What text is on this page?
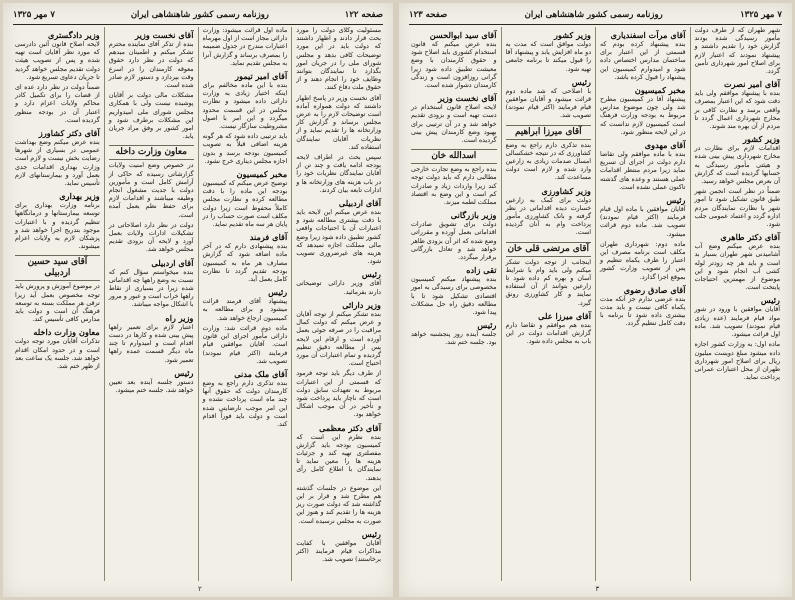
صفحه ۱۲۲
روزنامه رسمی کشور شاهنشاهی ایران
۷ مهر ۱۳۲۵

مسئولیت وکلای دولت را مورد بحث قرار دادند و اظهار داشتند که دولت باید در این مورد توضیحات کافی بدهد و مجلس شورای ملی را در جریان امور بگذارد تا نمایندگان بتوانند وظایف خود را انجام دهند و از حقوق ملت دفاع کنند.

آقای نخست وزیر در پاسخ اظهار داشتند که دولت همواره آماده است توضیحات لازم را به عرض مجلس برساند و گزارش کار وزارتخانه ها را تقدیم نماید و از نظریات آقایان نمایندگان استفاده کند.

سپس بحث در اطراف لایحه بودجه ادامه یافت و چند تن از آقایان نمایندگان نظریات خود را در باب هزینه های وزارتخانه ها و ادارات تابعه بیان کردند.

آقای اردبیلی

بنده عرض میکنم این لایحه باید با دقت بیشتری مطالعه شود و اعتبارات آن با احتیاجات واقعی کشور تطبیق داده شود زیرا وضع مالی مملکت اجازه نمیدهد که هزینه های غیرضروری تصویب شود.

رئیس

آقای وزیر دارائی توضیحاتی دارند بفرمائید.

وزیر دارائی

بنده تشکر میکنم از توجه آقایان و عرض میکنم که دولت کمال مراقبت را در صرفه جوئی بعمل آورده است و ارقام این لایحه پس از مطالعه دقیق تنظیم گردیده و تمام اعتبارات آن مورد احتیاج است.

از طرف دیگر باید توجه فرمود که قسمتی از این اعتبارات مربوط به تعهدات سابق دولت است که ناچار باید پرداخت شود و تأخیر در آن موجب اشکال خواهد بود.

آقای دکتر معظمی

بنده نظرم این است که کمیسیون بودجه باید گزارش مفصلتری تهیه کند و جزئیات هزینه ها را معین نماید تا نمایندگان با اطلاع کامل رأی بدهند.

این موضوع در جلسات گذشته هم مطرح شد و قرار بر این گذاشته شد که دولت صورت ریز هزینه ها را تقدیم کند و هنوز این صورت به مجلس نرسیده است.

رئیس

آقایان موافقین با کفایت مذاکرات قیام فرمایند (اکثر برخاستند) تصویب شد.

ماده اول قرائت میشود: وزارت دارائی مجاز است از اول مهرماه اعتبارات مندرج در جدول ضمیمه را بمصرف برساند و گزارش آنرا به مجلس تقدیم نماید.

آقای امیر تیمور

بنده با این ماده مخالفم برای اینکه اختیار زیادی به وزارت دارائی داده میشود و نظارت مجلس در این قسمت محدود میگردد و این امر با اصول مشروطیت سازگار نیست.

باید ترتیبی داده شود که هر گونه هزینه اضافی قبلاً به تصویب کمیسیون بودجه برسد و بدون اجازه مجلس دیناری خرج نشود.

مخبر کمیسیون

توضیح عرض میکنم که کمیسیون بودجه این ماده را با دقت مطالعه کرده و نظارت مجلس کاملاً محفوظ است زیرا دولت مکلف است صورت حساب را در پایان هر سه ماه تقدیم نماید.

آقای فرمند

بنده پیشنهادی دارم که در آخر ماده اضافه شود که گزارش مصارف هر ماه به کمیسیون بودجه تقدیم گردد تا نظارت کامل بعمل آید.

رئیس

پیشنهاد آقای فرمند قرائت میشود و برای مطالعه به کمیسیون ارجاع خواهد شد.

ماده دوم قرائت شد: وزارت دارائی مأمور اجرای این قانون است. آقایان موافقین قیام فرمایند (اکثر قیام نمودند) تصویب شد.

آقای ملک مدنی

بنده تذکری دارم راجع به وضع کارمندان دولت که حقوق آنها چند ماه است پرداخت نشده و این امر موجب نارضایتی شده است و دولت باید فوراً اقدام کند.

آقای نخست وزیر

بنده از تذکر آقای نماینده محترم تشکر میکنم و اطمینان میدهم که دولت در نظر دارد حقوق معوقه کارمندان را در اسرع وقت بپردازد و دستور لازم صادر شده است.

مشکلات مالی دولت بر آقایان پوشیده نیست ولی با همکاری مجلس شورای ملی امیدواریم این مشکلات برطرف شود و امور کشور بر وفق مراد جریان یابد.

معاون وزارت داخله

در خصوص وضع امنیت ولایات گزارشاتی رسیده که حاکی از آرامش کامل است و مأمورین دولت با جدیت مشغول انجام وظیفه میباشند و اقدامات لازم برای حفظ نظم بعمل آمده است.

دولت در نظر دارد اصلاحاتی در تشکیلات ادارات ولایات بعمل آورد و لایحه آن بزودی تقدیم مجلس خواهد شد.

آقای اردبیلی

بنده میخواستم سؤال کنم که نسبت به وضع راهها چه اقداماتی شده زیرا در بسیاری از نقاط راهها خراب است و عبور و مرور با اشکال مواجه میباشد.

وزیر راه

اعتبار لازم برای تعمیر راهها پیش بینی شده و کارها در دست اقدام است و امیدوارم تا چند ماه دیگر قسمت عمده راهها تعمیر شود.

رئیس

دستور جلسه آینده بعد تعیین خواهد شد. جلسه ختم میشود.

وزیر دادگستری

لایحه اصلاح قانون آئین دادرسی که مورد نظر آقایان است تهیه شده و پس از تصویب هیئت دولت تقدیم مجلس خواهد گردید تا جریان دعاوی تسریع شود.

ضمناً دولت در نظر دارد عده ای از قضات را برای تکمیل کادر محاکم ولایات اعزام دارد و اعتبار آن در بودجه منظور گردیده است.

آقای دکتر کشاورز

بنده عرض میکنم وضع بهداشت عمومی در بسیاری از شهرها رضایت بخش نیست و لازم است وزارت بهداری اقدامات جدی بعمل آورد و بیمارستانهای لازم تأسیس نماید.

وزیر بهداری

برنامه وزارت بهداری برای توسعه بیمارستانها و درمانگاهها تنظیم گردیده و با اعتبارات موجود بتدریج اجرا خواهد شد و پزشکان لازم به ولایات اعزام میشوند.

آقای سید حسین اردبیلی

در موضوع آموزش و پرورش باید توجه مخصوص بعمل آید زیرا ترقی هر مملکت بسته به توسعه فرهنگ آن است و دولت باید مدارس کافی تأسیس کند.

معاون وزارت داخله

تذکرات آقایان مورد توجه دولت است و در حدود امکان اقدام خواهد شد. جلسه یک ساعت بعد از ظهر ختم شد.

۲
۷ مهر ۱۳۲۵
روزنامه رسمی کشور شاهنشاهی ایران
صفحه ۱۲۳

شهر طهران که از طرف دولت مأمور رسیدگی شده بودند گزارش خود را تقدیم داشتند و پیشنهاد نمودند که اعتبار لازم برای اصلاح امور شهرداری تأمین گردد.

آقای امیر نصرت

بنده با پیشنهاد موافقم ولی باید دقت شود که این اعتبار بمصرف واقعی برسد و نظارت کافی بر مخارج شهرداری اعمال گردد تا مردم از آن بهره مند شوند.

وزیر کشور

اقدامات لازم برای نظارت در مخارج شهرداری پیش بینی شده و هیئتی مأمور رسیدگی به حسابها گردیده است که گزارش آن بعرض مجلس خواهد رسید.

ضمناً در نظر است انجمن شهر طبق قانون تشکیل شود تا امور شهر با نظارت نمایندگان مردم اداره گردد و اعتماد عمومی جلب شود.

آقای دکتر طاهری

بنده عرض میکنم وضع آب آشامیدنی شهر طهران بسیار بد است و باید هر چه زودتر لوله کشی آب انجام شود و این موضوع از مهمترین احتیاجات پایتخت است.

رئیس

آقایان موافقین با ورود در شور مواد قیام فرمایند (عده زیادی قیام نمودند) تصویب شد. ماده اول قرائت میشود.

ماده اول: به وزارت کشور اجازه داده میشود مبلغ دویست میلیون ریال برای اصلاح امور شهرداری طهران از محل اعتبارات عمرانی پرداخت نماید.

آقای مرآت اسفندیاری

بنده پیشنهاد کرده بودم که قسمتی از این اعتبار برای ساختمان مدارس اختصاص داده شود و امیدوارم کمیسیون این پیشنهاد را قبول کرده باشد.

مخبر کمیسیون

پیشنهاد آقا در کمیسیون مطرح شد ولی چون موضوع مدارس مربوط به بودجه وزارت فرهنگ است کمیسیون لازم ندانست که در این لایحه منظور شود.

آقای مهدوی

بنده با ماده موافقم ولی تقاضا دارم دولت در اجرای آن تسریع نماید زیرا مردم منتظر اقدامات عملی هستند و وعده های گذشته تاکنون عملی نشده است.

رئیس

آقایان موافقین با ماده اول قیام فرمایند (اکثر قیام نمودند) تصویب شد. ماده دوم قرائت میشود.

ماده دوم: شهرداری طهران مکلف است برنامه مصرف این اعتبار را ظرف یکماه تنظیم و پس از تصویب وزارت کشور بموقع اجرا گذارد.

آقای صادق رضوی

بنده عرضی ندارم جز آنکه مدت یکماه کافی نیست و باید مدت بیشتری داده شود تا برنامه با دقت کامل تنظیم گردد.

وزیر کشور

دولت موافق است که مدت به دو ماه افزایش یابد و پیشنهاد آقا را قبول میکند تا برنامه جامعی تهیه شود.

رئیس

با اصلاحی که شد ماده دوم قرائت میشود و آقایان موافقین قیام فرمایند (اکثر قیام نمودند) تصویب شد.

آقای میرزا ابراهیم

بنده تذکری دارم راجع به وضع کشاورزی که در نتیجه خشکسالی امسال صدمات زیادی به زارعین وارد شده و لازم است دولت مساعدت کند.

وزیر کشاورزی

دولت برای کمک به زارعین خسارت دیده اقداماتی در نظر گرفته و بانک کشاورزی مأمور پرداخت وام به آنان گردیده است.

آقای مرتضی قلی خان

اینجانب از توجه دولت تشکر میکنم ولی باید وام با شرایط آسان و بهره کم داده شود تا زارعین بتوانند از آن استفاده نمایند و کار کشاورزی رونق گیرد.

آقای میرزا علی

بنده هم موافقم و تقاضا دارم گزارش اقدامات دولت در این باب به مجلس داده شود.

آقای سید ابوالحسن

بنده عرض میکنم که قانون استخدام کشوری باید اصلاح شود و حقوق کارمندان با وضع معیشت تطبیق داده شود زیرا گرانی روزافزون است و زندگی کارمندان دشوار شده است.

آقای نخست وزیر

لایحه اصلاح قانون استخدام در دست تهیه است و بزودی تقدیم خواهد شد و در آن ترتیبی برای بهبود وضع کارمندان پیش بینی گردیده است.

اسدالله خان

بنده راجع به وضع تجارت خارجی مطالبی دارم که باید دولت توجه کند زیرا واردات زیاد و صادرات کم است و این وضع به اقتصاد مملکت لطمه میزند.

وزیر بازرگانی

دولت برای تشویق صادرات اقداماتی بعمل آورده و مقرراتی وضع شده که اثر آن بزودی ظاهر خواهد شد و تعادل بازرگانی برقرار میگردد.

تقی زاده

بنده پیشنهاد میکنم کمیسیون مخصوصی برای رسیدگی به امور اقتصادی تشکیل شود تا با مطالعه دقیق راه حل مشکلات پیدا شود.

رئیس

جلسه آینده روز پنجشنبه خواهد بود. جلسه ختم شد.

۳
